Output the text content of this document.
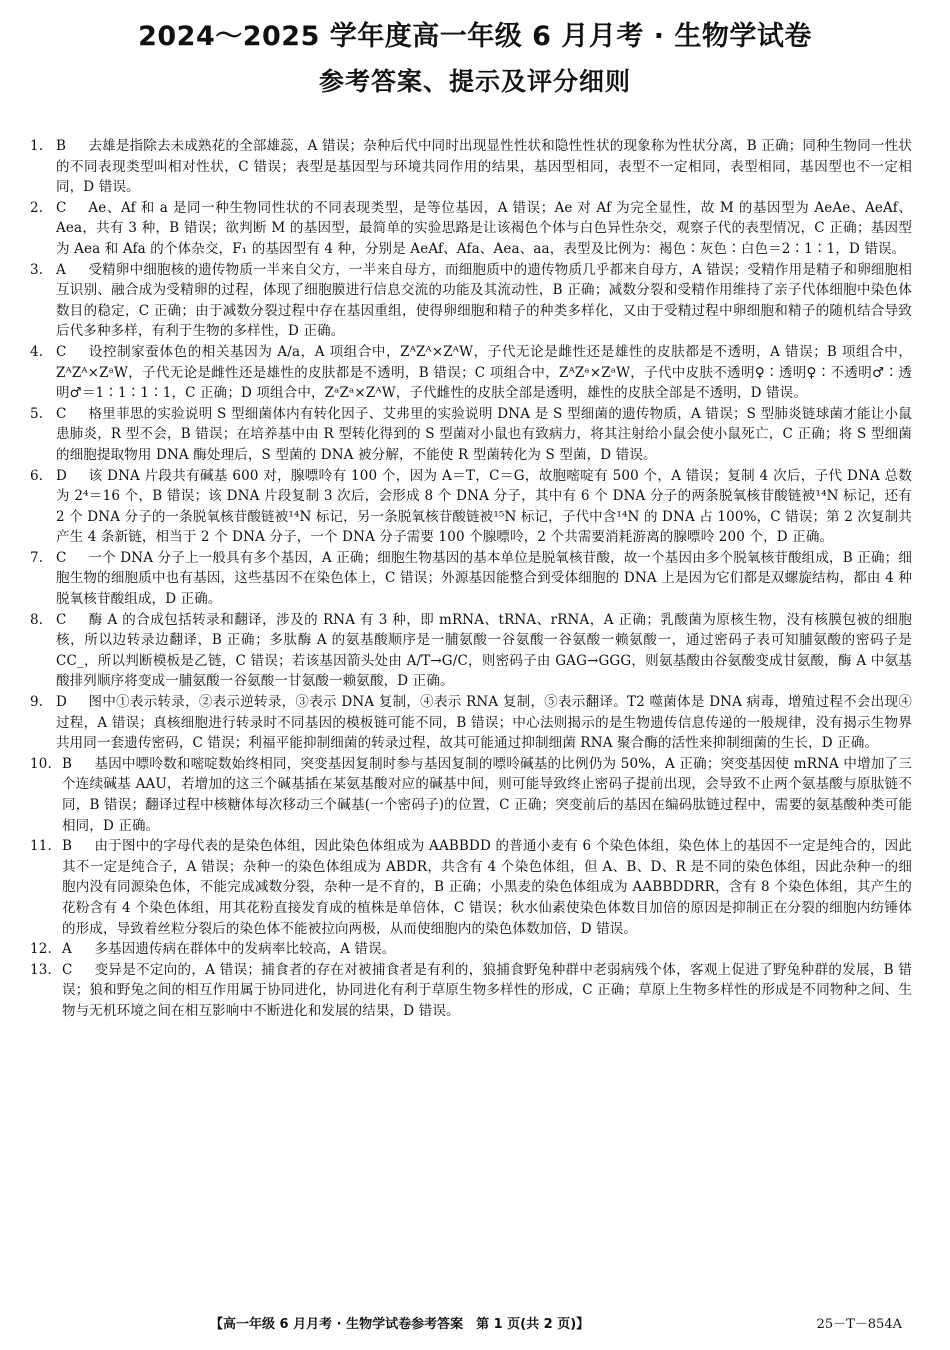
2024～2025 学年度高一年级 6 月月考 · 生物学试卷
参考答案、提示及评分细则
1. B 去雄是指除去未成熟花的全部雄蕊，A 错误；杂种后代中同时出现显性性状和隐性性状的现象称为性状分离，B 正确；同种生物同一性状的不同表现类型叫相对性状，C 错误；表型是基因型与环境共同作用的结果，基因型相同，表型不一定相同，表型相同，基因型也不一定相同，D 错误。
2. C Ae、Af 和 a 是同一种生物同性状的不同表现类型，是等位基因，A 错误；Ae 对 Af 为完全显性，故 M 的基因型为 AeAe、AeAf、Aea，共有 3 种，B 错误；欲判断 M 的基因型，最简单的实验思路是让该褐色个体与白色异性杂交，观察子代的表型情况，C 正确；基因型为 Aea 和 Afa 的个体杂交，F₁ 的基因型有 4 种，分别是 AeAf、Afa、Aea、aa，表型及比例为：褐色∶灰色∶白色＝2∶1∶1，D 错误。
3. A 受精卵中细胞核的遗传物质一半来自父方，一半来自母方，而细胞质中的遗传物质几乎都来自母方，A 错误；受精作用是精子和卵细胞相互识别、融合成为受精卵的过程，体现了细胞膜进行信息交流的功能及其流动性，B 正确；减数分裂和受精作用维持了亲子代体细胞中染色体数目的稳定，C 正确；由于减数分裂过程中存在基因重组，使得卵细胞和精子的种类多样化，又由于受精过程中卵细胞和精子的随机结合导致后代多种多样，有利于生物的多样性，D 正确。
4. C 设控制家蚕体色的相关基因为 A/a，A 项组合中，ZᴬZᴬ×ZᴬW，子代无论是雌性还是雄性的皮肤都是不透明，A 错误；B 项组合中，ZᴬZᴬ×ZᵃW，子代无论是雌性还是雄性的皮肤都是不透明，B 错误；C 项组合中，ZᴬZᵃ×ZᵃW，子代中皮肤不透明♀∶透明♀∶不透明♂∶透明♂＝1∶1∶1∶1，C 正确；D 项组合中，ZᵃZᵃ×ZᴬW，子代雌性的皮肤全部是透明，雄性的皮肤全部是不透明，D 错误。
5. C 格里菲思的实验说明 S 型细菌体内有转化因子、艾弗里的实验说明 DNA 是 S 型细菌的遗传物质，A 错误；S 型肺炎链球菌才能让小鼠患肺炎，R 型不会，B 错误；在培养基中由 R 型转化得到的 S 型菌对小鼠也有致病力，将其注射给小鼠会使小鼠死亡，C 正确；将 S 型细菌的细胞提取物用 DNA 酶处理后，S 型菌的 DNA 被分解，不能使 R 型菌转化为 S 型菌，D 错误。
6. D 该 DNA 片段共有碱基 600 对，腺嘌呤有 100 个，因为 A＝T，C＝G，故胞嘧啶有 500 个，A 错误；复制 4 次后，子代 DNA 总数为 2⁴＝16 个，B 错误；该 DNA 片段复制 3 次后，会形成 8 个 DNA 分子，其中有 6 个 DNA 分子的两条脱氧核苷酸链被¹⁴N 标记，还有 2 个 DNA 分子的一条脱氧核苷酸链被¹⁴N 标记，另一条脱氧核苷酸链被¹⁵N 标记，子代中含¹⁴N 的 DNA 占 100%，C 错误；第 2 次复制共产生 4 条新链，相当于 2 个 DNA 分子，一个 DNA 分子需要 100 个腺嘌呤，2 个共需要消耗游离的腺嘌呤 200 个，D 正确。
7. C 一个 DNA 分子上一般具有多个基因，A 正确；细胞生物基因的基本单位是脱氧核苷酸，故一个基因由多个脱氧核苷酸组成，B 正确；细胞生物的细胞质中也有基因，这些基因不在染色体上，C 错误；外源基因能整合到受体细胞的 DNA 上是因为它们都是双螺旋结构，都由 4 种脱氧核苷酸组成，D 正确。
8. C 酶 A 的合成包括转录和翻译，涉及的 RNA 有 3 种，即 mRNA、tRNA、rRNA，A 正确；乳酸菌为原核生物，没有核膜包被的细胞核，所以边转录边翻译，B 正确；多肽酶 A 的氨基酸顺序是一脯氨酸一谷氨酸一谷氨酸一赖氨酸一，通过密码子表可知脯氨酸的密码子是 CC_，所以判断模板是乙链，C 错误；若该基因箭头处由 A/T→G/C，则密码子由 GAG→GGG，则氨基酸由谷氨酸变成甘氨酸，酶 A 中氨基酸排列顺序将变成一脯氨酸一谷氨酸一甘氨酸一赖氨酸，D 正确。
9. D 图中①表示转录，②表示逆转录，③表示 DNA 复制，④表示 RNA 复制，⑤表示翻译。T2 噬菌体是 DNA 病毒，增殖过程不会出现④过程，A 错误；真核细胞进行转录时不同基因的模板链可能不同，B 错误；中心法则揭示的是生物遗传信息传递的一般规律，没有揭示生物界共用同一套遗传密码，C 错误；利福平能抑制细菌的转录过程，故其可能通过抑制细菌 RNA 聚合酶的活性来抑制细菌的生长，D 正确。
10. B 基因中嘌呤数和嘧啶数始终相同，突变基因复制时参与基因复制的嘌呤碱基的比例仍为 50%，A 正确；突变基因使 mRNA 中增加了三个连续碱基 AAU，若增加的这三个碱基插在某氨基酸对应的碱基中间，则可能导致终止密码子提前出现，会导致不止两个氨基酸与原肽链不同，B 错误；翻译过程中核糖体每次移动三个碱基(一个密码子)的位置，C 正确；突变前后的基因在编码肽链过程中，需要的氨基酸种类可能相同，D 正确。
11. B 由于图中的字母代表的是染色体组，因此染色体组成为 AABBDD 的普通小麦有 6 个染色体组，染色体上的基因不一定是纯合的，因此其不一定是纯合子，A 错误；杂种一的染色体组成为 ABDR，共含有 4 个染色体组，但 A、B、D、R 是不同的染色体组，因此杂种一的细胞内没有同源染色体，不能完成减数分裂，杂种一是不育的，B 正确；小黑麦的染色体组成为 AABBDDRR，含有 8 个染色体组，其产生的花粉含有 4 个染色体组，用其花粉直接发育成的植株是单倍体，C 错误；秋水仙素使染色体数目加倍的原因是抑制正在分裂的细胞内纺锤体的形成，导致着丝粒分裂后的染色体不能被拉向两极，从而使细胞内的染色体数加倍，D 错误。
12. A 多基因遗传病在群体中的发病率比较高，A 错误。
13. C 变异是不定向的，A 错误；捕食者的存在对被捕食者是有利的，狼捕食野兔种群中老弱病残个体，客观上促进了野兔种群的发展，B 错误；狼和野兔之间的相互作用属于协同进化，协同进化有利于草原生物多样性的形成，C 正确；草原上生物多样性的形成是不同物种之间、生物与无机环境之间在相互影响中不断进化和发展的结果，D 错误。
【高一年级 6 月月考 · 生物学试卷参考答案　第 1 页(共 2 页)】	25－T－854A
